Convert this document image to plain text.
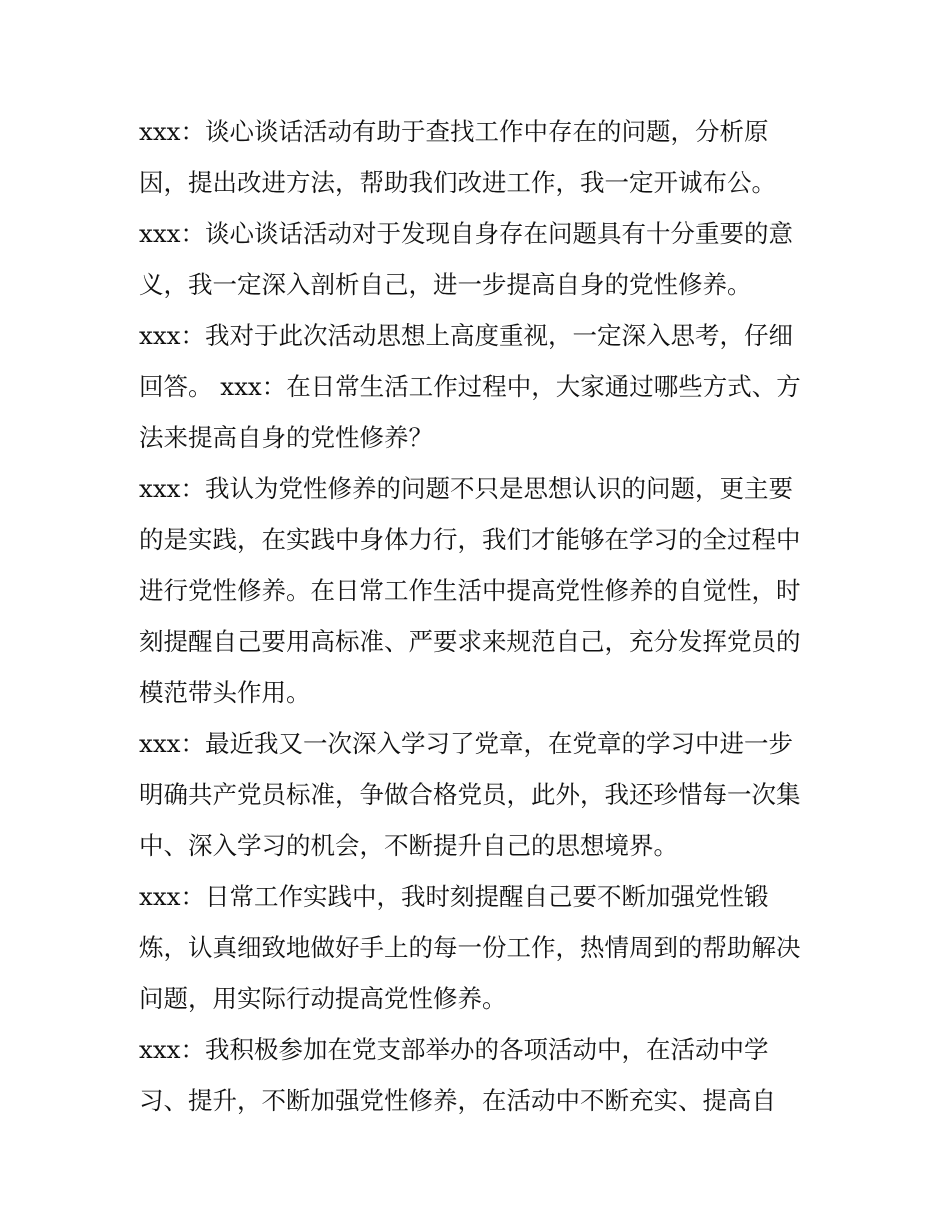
xxx：谈心谈话活动有助于查找工作中存在的问题，分析原
因，提出改进方法，帮助我们改进工作，我一定开诚布公。
xxx：谈心谈话活动对于发现自身存在问题具有十分重要的意
义，我一定深入剖析自己，进一步提高自身的党性修养。
xxx：我对于此次活动思想上高度重视，一定深入思考，仔细
回答。 xxx：在日常生活工作过程中，大家通过哪些方式、方
法来提高自身的党性修养？
xxx：我认为党性修养的问题不只是思想认识的问题，更主要
的是实践，在实践中身体力行，我们才能够在学习的全过程中
进行党性修养。在日常工作生活中提高党性修养的自觉性，时
刻提醒自己要用高标准、严要求来规范自己，充分发挥党员的
模范带头作用。
xxx：最近我又一次深入学习了党章，在党章的学习中进一步
明确共产党员标准，争做合格党员，此外，我还珍惜每一次集
中、深入学习的机会，不断提升自己的思想境界。
xxx：日常工作实践中，我时刻提醒自己要不断加强党性锻
炼，认真细致地做好手上的每一份工作，热情周到的帮助解决
问题，用实际行动提高党性修养。
xxx：我积极参加在党支部举办的各项活动中，在活动中学
习、提升，不断加强党性修养，在活动中不断充实、提高自
